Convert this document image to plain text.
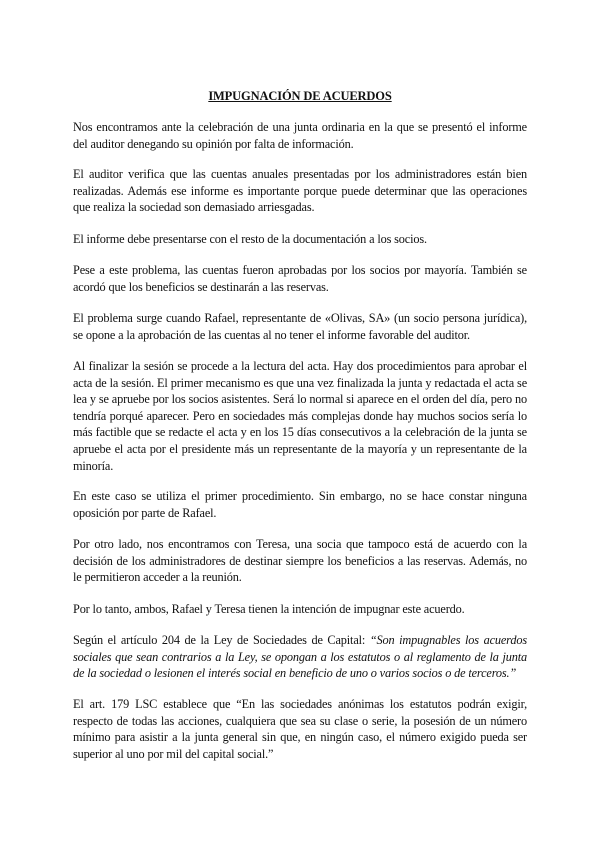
IMPUGNACIÓN DE ACUERDOS

Nos encontramos ante la celebración de una junta ordinaria en la que se presentó el informe del auditor denegando su opinión por falta de información.

El auditor verifica que las cuentas anuales presentadas por los administradores están bien realizadas. Además ese informe es importante porque puede determinar que las operaciones que realiza la sociedad son demasiado arriesgadas.

El informe debe presentarse con el resto de la documentación a los socios.

Pese a este problema, las cuentas fueron aprobadas por los socios por mayoría. También se acordó que los beneficios se destinarán a las reservas.

El problema surge cuando Rafael, representante de «Olivas, SA» (un socio persona jurídica), se opone a la aprobación de las cuentas al no tener el informe favorable del auditor.

Al finalizar la sesión se procede a la lectura del acta. Hay dos procedimientos para aprobar el acta de la sesión. El primer mecanismo es que una vez finalizada la junta y redactada el acta se lea y se apruebe por los socios asistentes. Será lo normal si aparece en el orden del día, pero no tendría porqué aparecer. Pero en sociedades más complejas donde hay muchos socios sería lo más factible que se redacte el acta y en los 15 días consecutivos a la celebración de la junta se apruebe el acta por el presidente más un representante de la mayoría y un representante de la minoría.

En este caso se utiliza el primer procedimiento. Sin embargo, no se hace constar ninguna oposición por parte de Rafael.

Por otro lado, nos encontramos con Teresa, una socia que tampoco está de acuerdo con la decisión de los administradores de destinar siempre los beneficios a las reservas. Además, no le permitieron acceder a la reunión.

Por lo tanto, ambos, Rafael y Teresa tienen la intención de impugnar este acuerdo.

Según el artículo 204 de la Ley de Sociedades de Capital: “Son impugnables los acuerdos sociales que sean contrarios a la Ley, se opongan a los estatutos o al reglamento de la junta de la sociedad o lesionen el interés social en beneficio de uno o varios socios o de terceros.”

El art. 179 LSC establece que “En las sociedades anónimas los estatutos podrán exigir, respecto de todas las acciones, cualquiera que sea su clase o serie, la posesión de un número mínimo para asistir a la junta general sin que, en ningún caso, el número exigido pueda ser superior al uno por mil del capital social.”
